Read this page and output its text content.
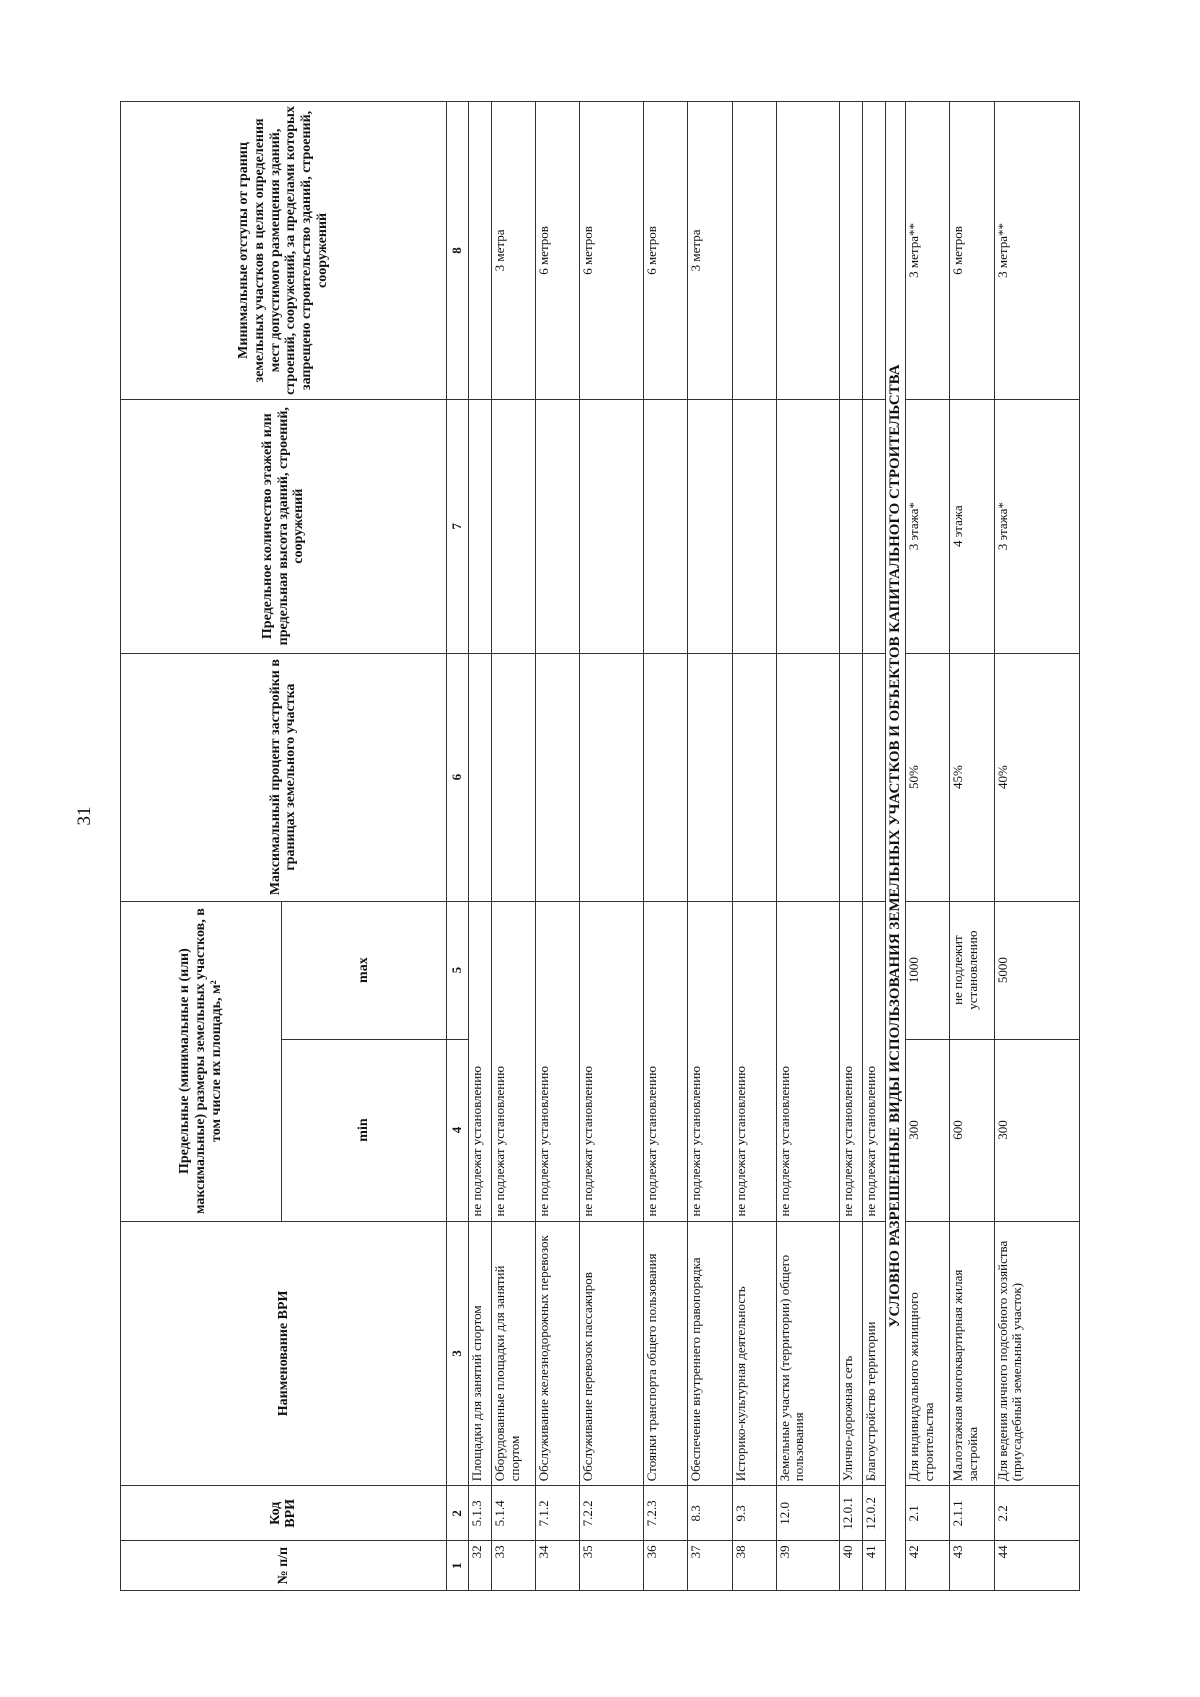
31
№ п/п	Код ВРИ	Наименование ВРИ	Предельные (минимальные и (или) максимальные) размеры земельных участков, в том числе их площадь, м²		Максимальный процент застройки в границах земельного участка	Предельное количество этажей или предельная высота зданий, строений, сооружений	Минимальные отступы от границ земельных участков в целях определения мест допустимого размещения зданий, строений, сооружений, за пределами которых запрещено строительство зданий, строений, сооружений
			min	max			
1	2	3	4	5	6	7	8
32	5.1.3	Площадки для занятий спортом	не подлежат установлению				
33	5.1.4	Оборудованные площадки для занятий спортом	не подлежат установлению				3 метра
34	7.1.2	Обслуживание железнодорожных перевозок	не подлежат установлению				6 метров
35	7.2.2	Обслуживание перевозок пассажиров	не подлежат установлению				6 метров
36	7.2.3	Стоянки транспорта общего пользования	не подлежат установлению				6 метров
37	8.3	Обеспечение внутреннего правопорядка	не подлежат установлению				3 метра
38	9.3	Историко-культурная деятельность	не подлежат установлению				
39	12.0	Земельные участки (территории) общего пользования	не подлежат установлению				
40	12.0.1	Улично-дорожная сеть	не подлежат установлению				
41	12.0.2	Благоустройство территории	не подлежат установлению				
УСЛОВНО РАЗРЕШЕННЫЕ ВИДЫ ИСПОЛЬЗОВАНИЯ ЗЕМЕЛЬНЫХ УЧАСТКОВ И ОБЪЕКТОВ КАПИТАЛЬНОГО СТРОИТЕЛЬСТВА							
42	2.1	Для индивидуального жилищного строительства	300	1000	50%	3 этажа*	3 метра**
43	2.1.1	Малоэтажная многоквартирная жилая застройка	600	не подлежит установлению	45%	4 этажа	6 метров
44	2.2	Для ведения личного подсобного хозяйства (приусадебный земельный участок)	300	5000	40%	3 этажа*	3 метра**
